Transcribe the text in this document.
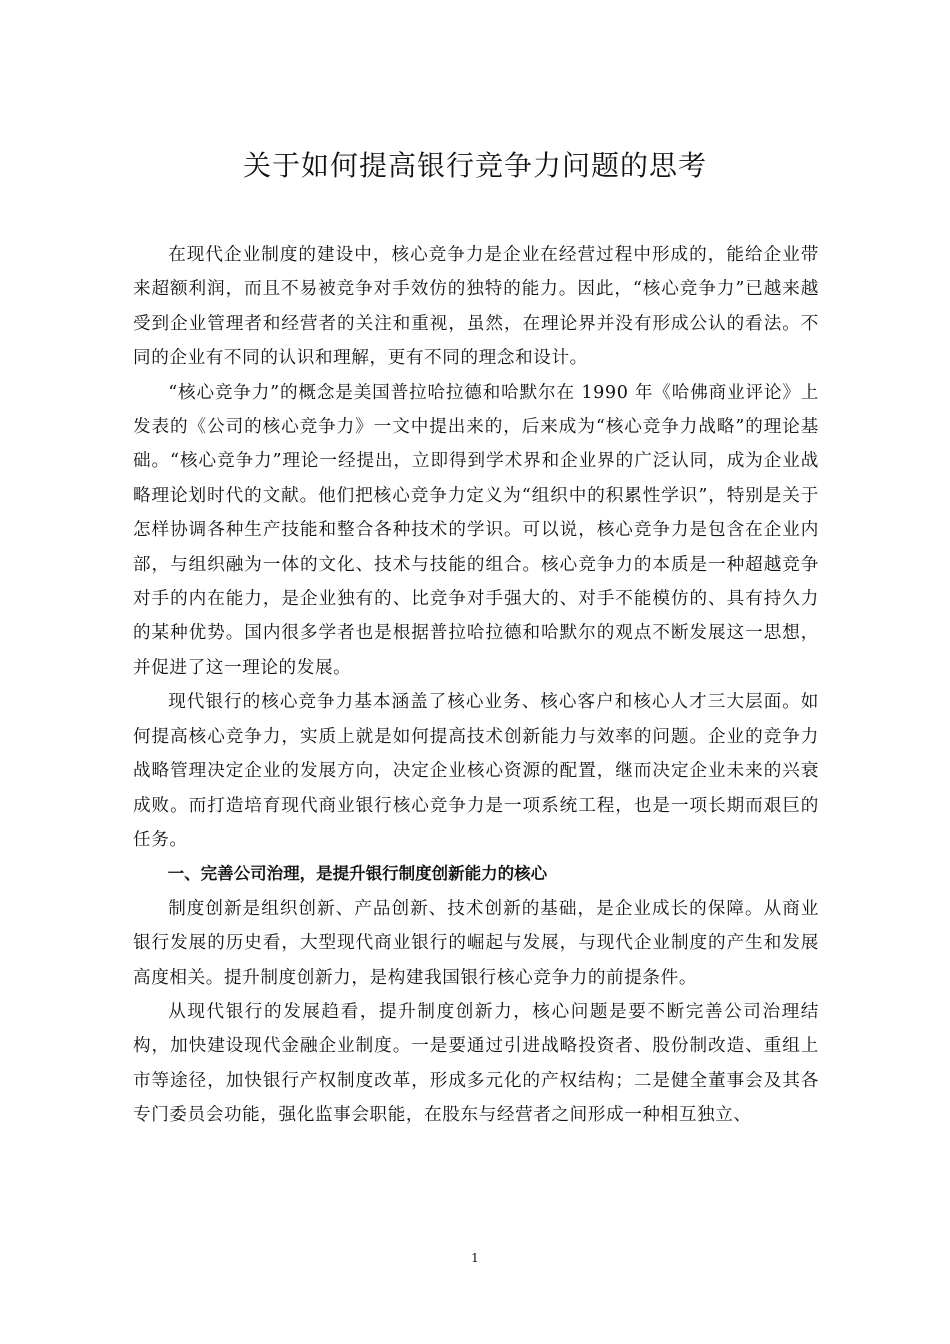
关于如何提高银行竞争力问题的思考

在现代企业制度的建设中，核心竞争力是企业在经营过程中形成的，能给企业带来超额利润，而且不易被竞争对手效仿的独特的能力。因此，“核心竞争力”已越来越受到企业管理者和经营者的关注和重视，虽然，在理论界并没有形成公认的看法。不同的企业有不同的认识和理解，更有不同的理念和设计。

“核心竞争力”的概念是美国普拉哈拉德和哈默尔在 1990 年《哈佛商业评论》上发表的《公司的核心竞争力》一文中提出来的，后来成为“核心竞争力战略”的理论基础。“核心竞争力”理论一经提出，立即得到学术界和企业界的广泛认同，成为企业战略理论划时代的文献。他们把核心竞争力定义为“组织中的积累性学识”，特别是关于怎样协调各种生产技能和整合各种技术的学识。可以说，核心竞争力是包含在企业内部，与组织融为一体的文化、技术与技能的组合。核心竞争力的本质是一种超越竞争对手的内在能力，是企业独有的、比竞争对手强大的、对手不能模仿的、具有持久力的某种优势。国内很多学者也是根据普拉哈拉德和哈默尔的观点不断发展这一思想，并促进了这一理论的发展。

现代银行的核心竞争力基本涵盖了核心业务、核心客户和核心人才三大层面。如何提高核心竞争力，实质上就是如何提高技术创新能力与效率的问题。企业的竞争力战略管理决定企业的发展方向，决定企业核心资源的配置，继而决定企业未来的兴衰成败。而打造培育现代商业银行核心竞争力是一项系统工程，也是一项长期而艰巨的任务。

一、完善公司治理，是提升银行制度创新能力的核心

制度创新是组织创新、产品创新、技术创新的基础，是企业成长的保障。从商业银行发展的历史看，大型现代商业银行的崛起与发展，与现代企业制度的产生和发展高度相关。提升制度创新力，是构建我国银行核心竞争力的前提条件。

从现代银行的发展趋看，提升制度创新力，核心问题是要不断完善公司治理结构，加快建设现代金融企业制度。一是要通过引进战略投资者、股份制改造、重组上市等途径，加快银行产权制度改革，形成多元化的产权结构；二是健全董事会及其各专门委员会功能，强化监事会职能，在股东与经营者之间形成一种相互独立、

1
